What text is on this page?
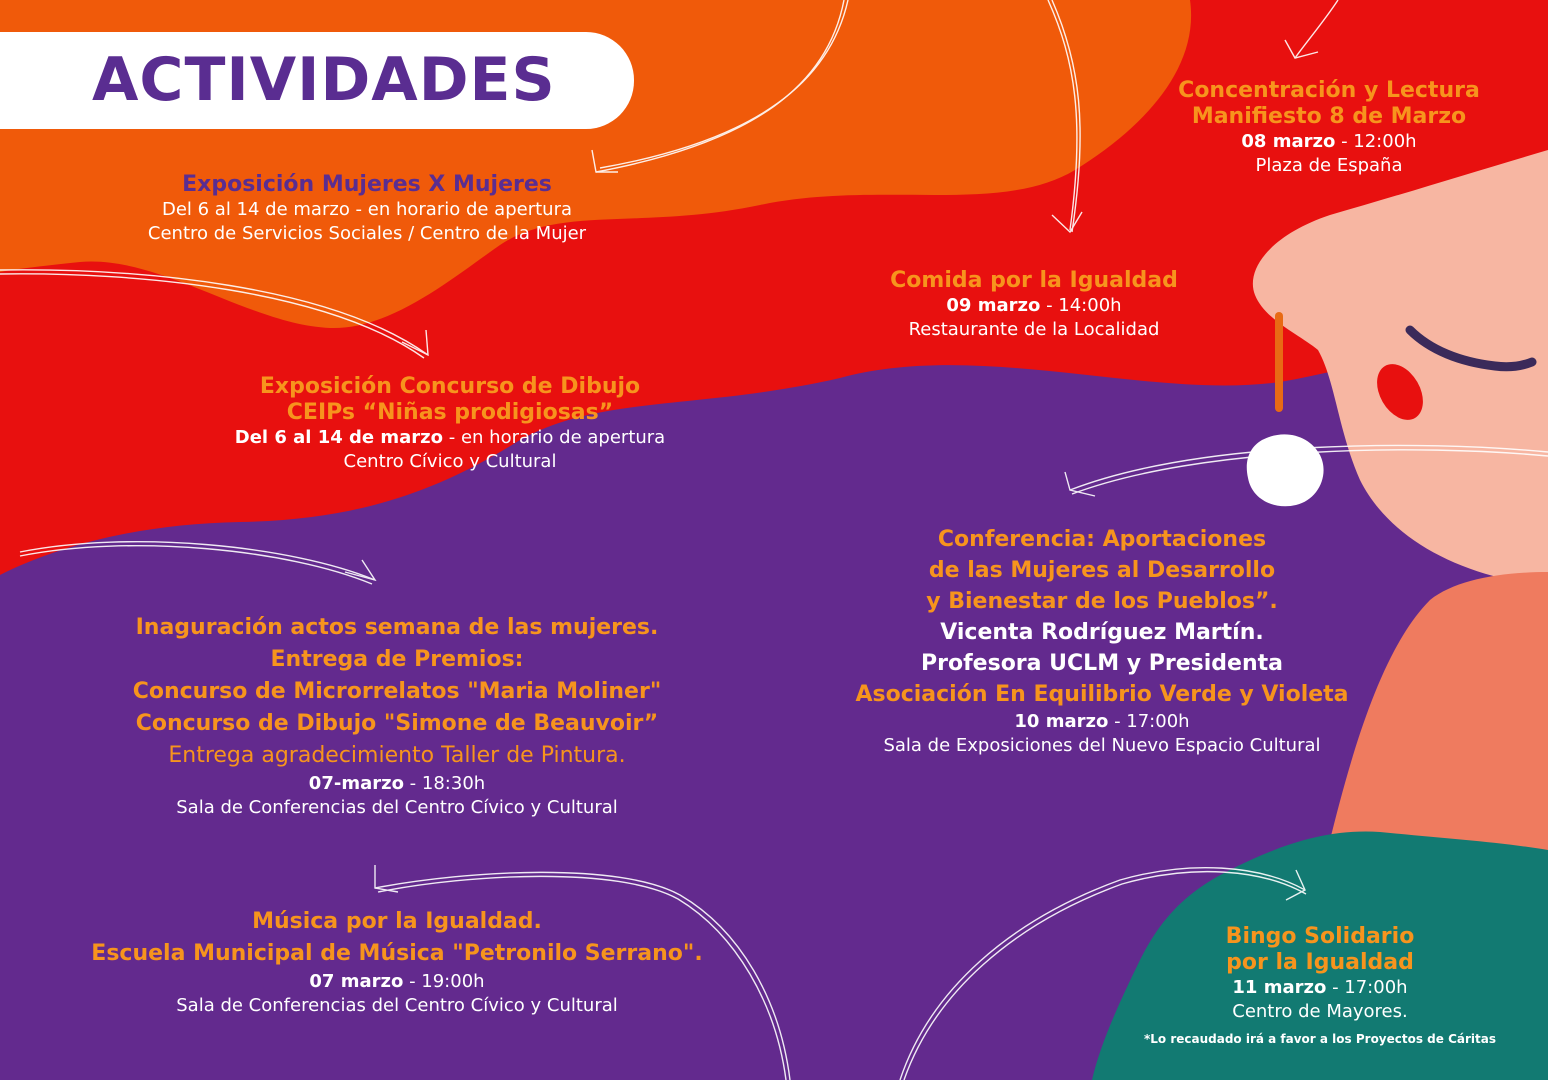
ACTIVIDADES
Exposición Mujeres X Mujeres
Del 6 al 14 de marzo - en horario de apertura
Centro de Servicios Sociales / Centro de la Mujer
Concentración y Lectura
Manifiesto 8 de Marzo
08 marzo - 12:00h
Plaza de España
Comida por la Igualdad
09 marzo - 14:00h
Restaurante de la Localidad
Exposición Concurso de Dibujo
CEIPs “Niñas prodigiosas”
Del 6 al 14 de marzo - en horario de apertura
Centro Cívico y Cultural
Inaguración actos semana de las mujeres.
Entrega de Premios:
Concurso de Microrrelatos "Maria Moliner"
Concurso de Dibujo "Simone de Beauvoir”
Entrega agradecimiento Taller de Pintura.
07-marzo - 18:30h
Sala de Conferencias del Centro Cívico y Cultural
Conferencia: Aportaciones
de las Mujeres al Desarrollo
y Bienestar de los Pueblos”.
Vicenta Rodríguez Martín.
Profesora UCLM y Presidenta
Asociación En Equilibrio Verde y Violeta
10 marzo - 17:00h
Sala de Exposiciones del Nuevo Espacio Cultural
Música por la Igualdad.
Escuela Municipal de Música "Petronilo Serrano".
07 marzo - 19:00h
Sala de Conferencias del Centro Cívico y Cultural
Bingo Solidario
por la Igualdad
11 marzo - 17:00h
Centro de Mayores.
*Lo recaudado irá a favor a los Proyectos de Cáritas
